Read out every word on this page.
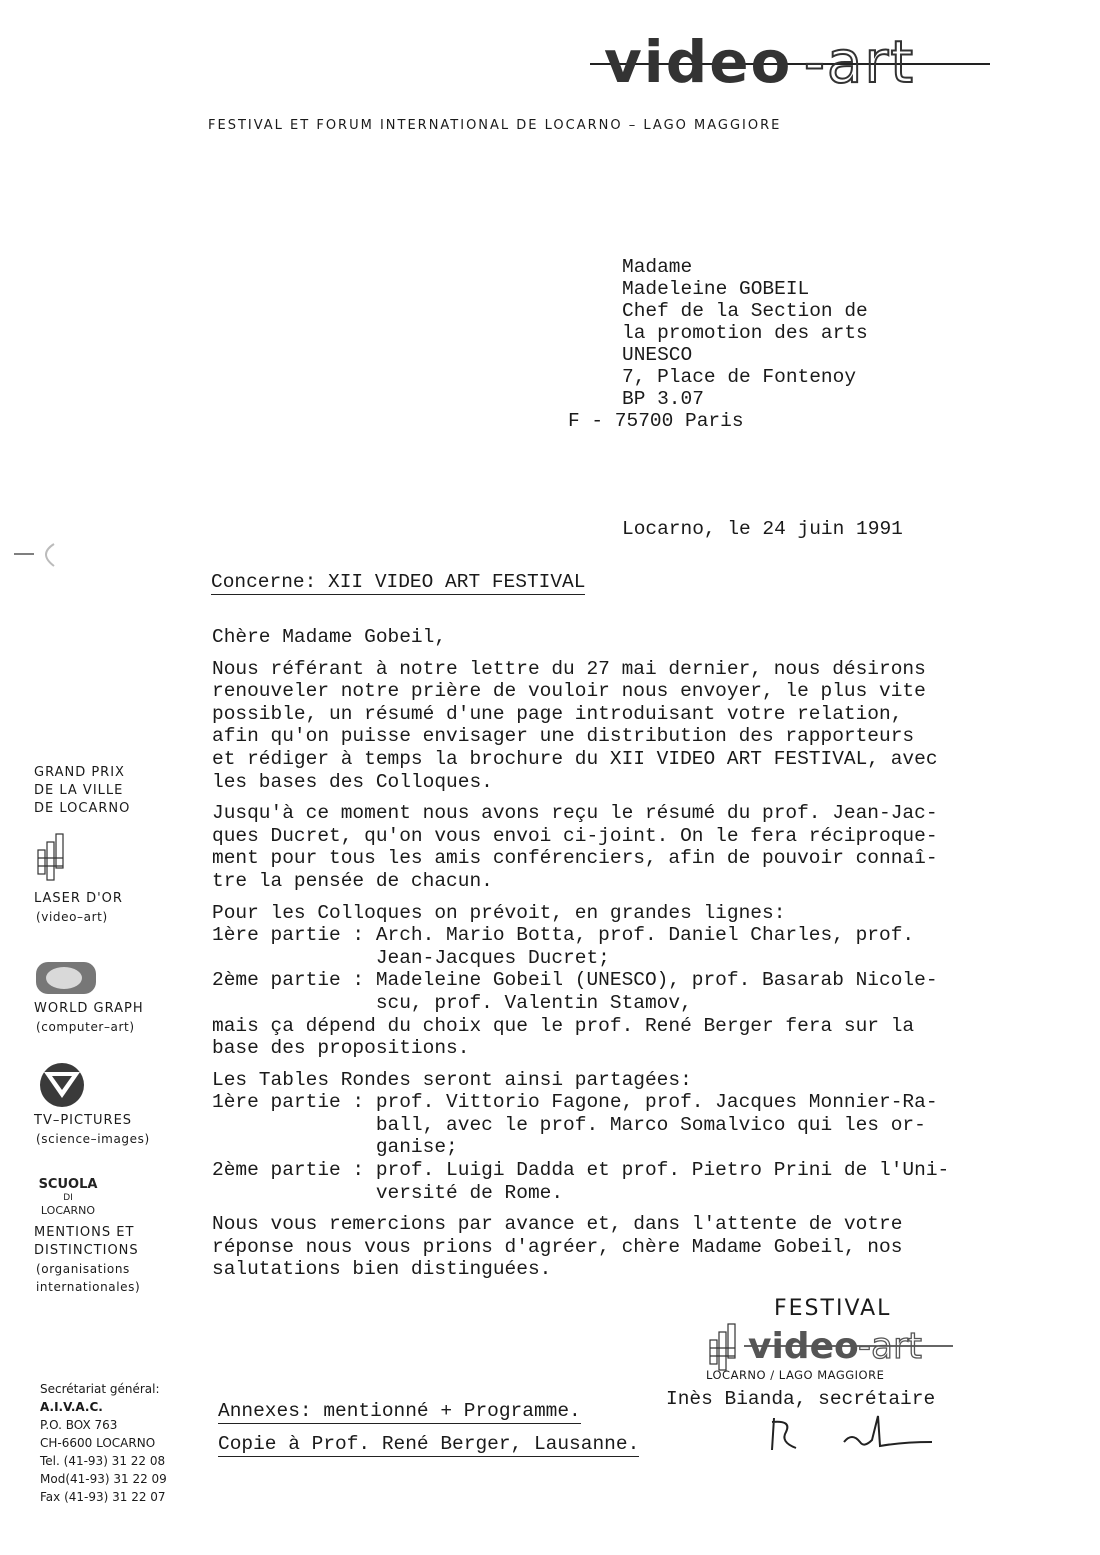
video -art
FESTIVAL ET FORUM INTERNATIONAL DE LOCARNO – LAGO MAGGIORE
Madame
Madeleine GOBEIL
Chef de la Section de
la promotion des arts
UNESCO
7, Place de Fontenoy
BP 3.07
F - 75700 Paris
Locarno, le 24 juin 1991
Concerne: XII VIDEO ART FESTIVAL

Chère Madame Gobeil,

Nous référant à notre lettre du 27 mai dernier, nous désirons

renouveler notre prière de vouloir nous envoyer, le plus vite

possible, un résumé d'une page introduisant votre relation,

afin qu'on puisse envisager une distribution des rapporteurs

et rédiger à temps la brochure du XII VIDEO ART FESTIVAL, avec

les bases des Colloques.

Jusqu'à ce moment nous avons reçu le résumé du prof. Jean-Jac-

ques Ducret, qu'on vous envoi ci-joint. On le fera réciproque-

ment pour tous les amis conférenciers, afin de pouvoir connaî-

tre la pensée de chacun.

Pour les Colloques on prévoit, en grandes lignes:

1ère partie : Arch. Mario Botta, prof. Daniel Charles, prof.

Jean-Jacques Ducret;

2ème partie : Madeleine Gobeil (UNESCO), prof. Basarab Nicole-

scu, prof. Valentin Stamov,

mais ça dépend du choix que le prof. René Berger fera sur la

base des propositions.

Les Tables Rondes seront ainsi partagées:

1ère partie : prof. Vittorio Fagone, prof. Jacques Monnier-Ra-

ball, avec le prof. Marco Somalvico qui les or-

ganise;

2ème partie : prof. Luigi Dadda et prof. Pietro Prini de l'Uni-

versité de Rome.

Nous vous remercions par avance et, dans l'attente de votre

réponse nous vous prions d'agréer, chère Madame Gobeil, nos

salutations bien distinguées.

GRAND PRIX
DE LA VILLE
DE LOCARNO
LASER D'OR
(video–art)
WORLD GRAPH
(computer–art)
TV–PICTURES
(science–images)
SCUOLA
DI
LOCARNO
MENTIONS ET
DISTINCTIONS
(organisations
internationales)
Secrétariat général:
A.I.V.A.C.
P.O. BOX 763
CH-6600 LOCARNO
Tel. (41-93) 31 22 08
Mod(41-93) 31 22 09
Fax (41-93) 31 22 07
FESTIVAL
video -art
LOCARNO / LAGO MAGGIORE
Inès Bianda, secrétaire
Annexes: mentionné + Programme.
Copie à Prof. René Berger, Lausanne.
